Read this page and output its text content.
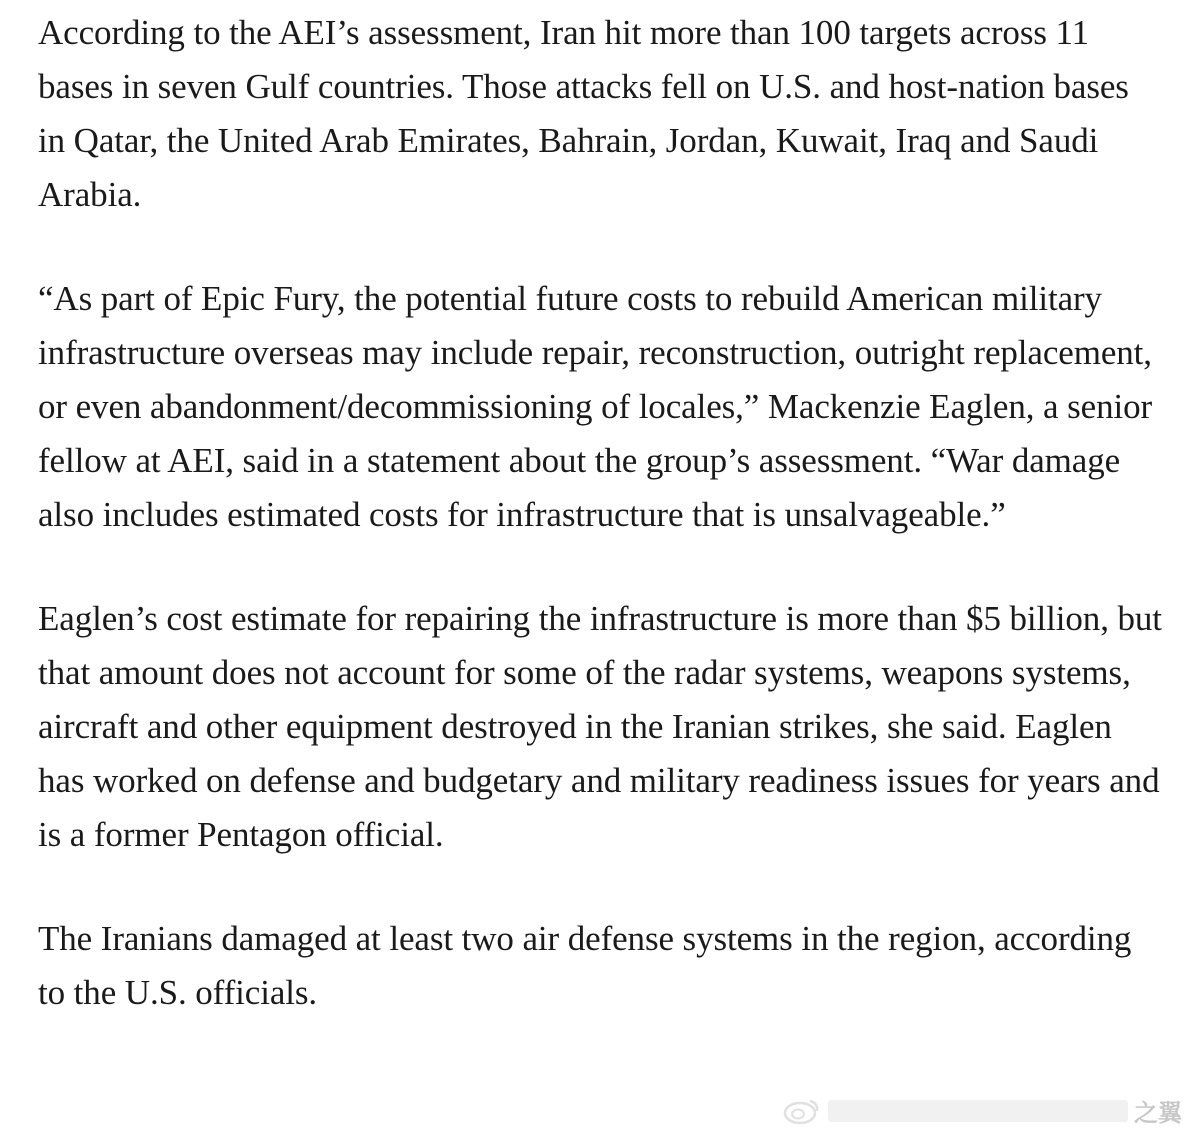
According to the AEI’s assessment, Iran hit more than 100 targets across 11 bases in seven Gulf countries. Those attacks fell on U.S. and host-nation bases in Qatar, the United Arab Emirates, Bahrain, Jordan, Kuwait, Iraq and Saudi Arabia.

“As part of Epic Fury, the potential future costs to rebuild American military infrastructure overseas may include repair, reconstruction, outright replacement, or even abandonment/decommissioning of locales,” Mackenzie Eaglen, a senior fellow at AEI, said in a statement about the group’s assessment. “War damage also includes estimated costs for infrastructure that is unsalvageable.”

Eaglen’s cost estimate for repairing the infrastructure is more than $5 billion, but that amount does not account for some of the radar systems, weapons systems, aircraft and other equipment destroyed in the Iranian strikes, she said. Eaglen has worked on defense and budgetary and military readiness issues for years and is a former Pentagon official.

The Iranians damaged at least two air defense systems in the region, according to the U.S. officials.

之翼
